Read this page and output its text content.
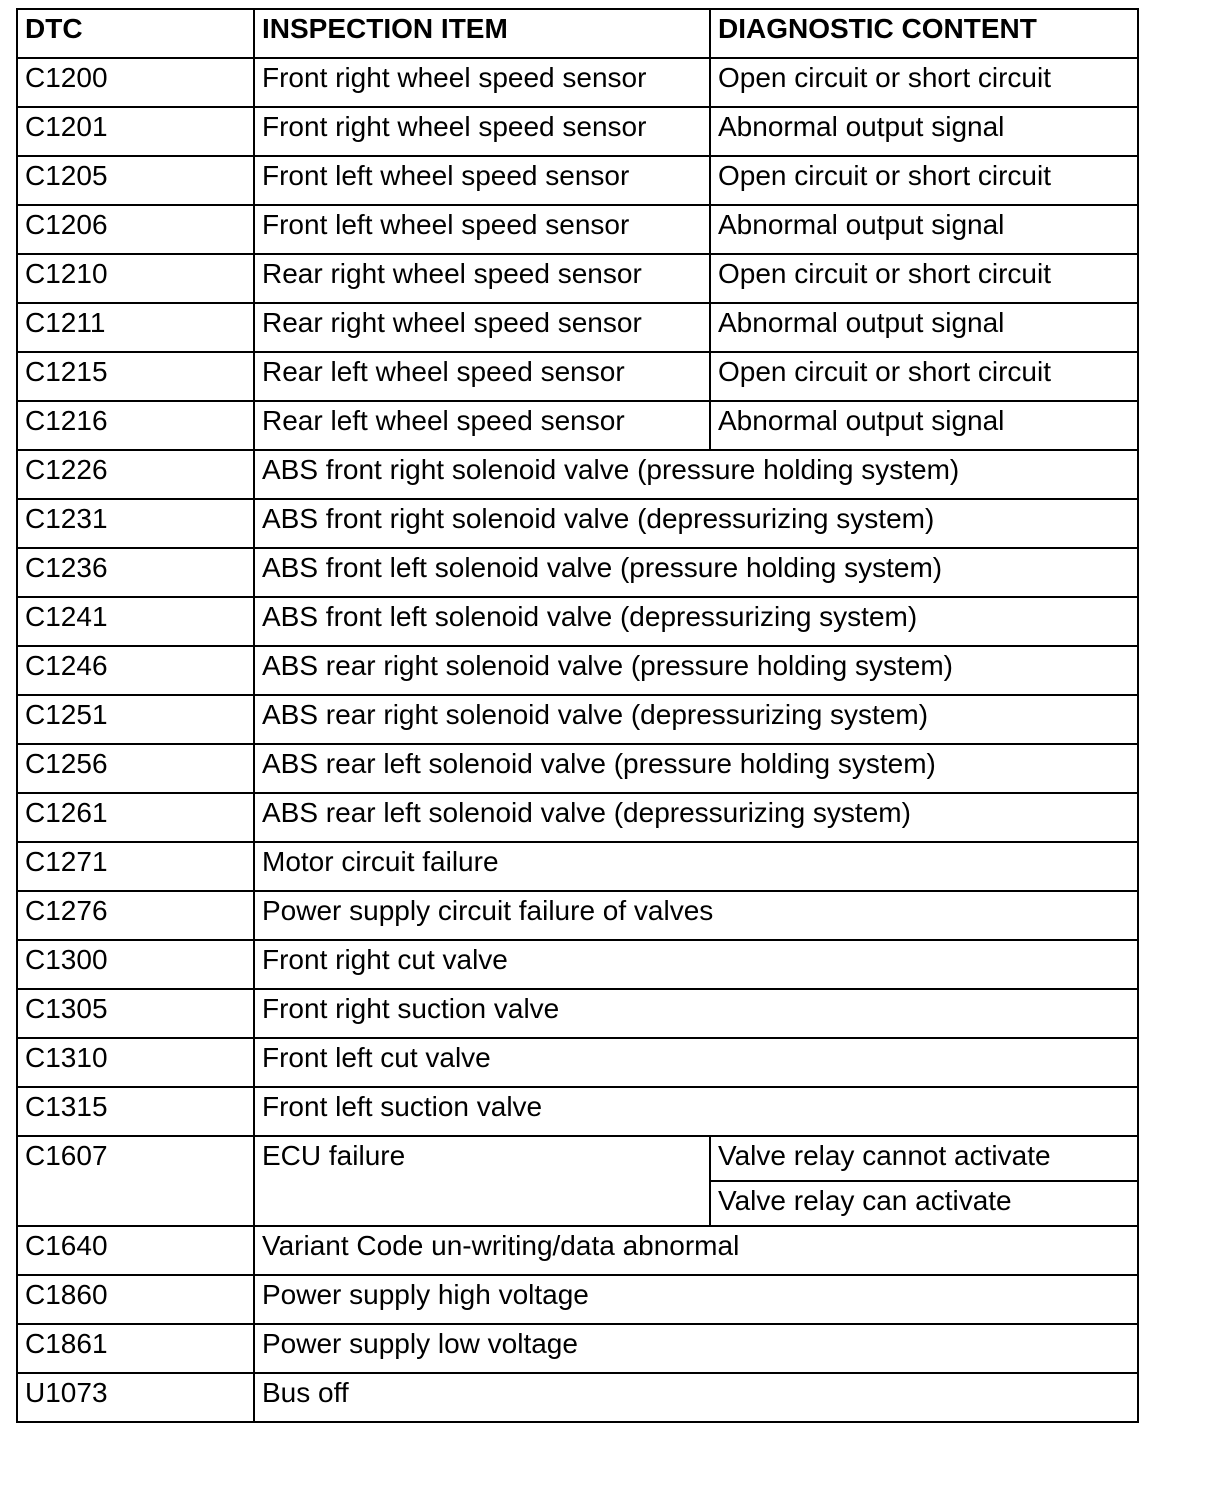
DTC	INSPECTION ITEM	DIAGNOSTIC CONTENT

C1200	Front right wheel speed sensor	Open circuit or short circuit

C1201	Front right wheel speed sensor	Abnormal output signal

C1205	Front left wheel speed sensor	Open circuit or short circuit

C1206	Front left wheel speed sensor	Abnormal output signal

C1210	Rear right wheel speed sensor	Open circuit or short circuit

C1211	Rear right wheel speed sensor	Abnormal output signal

C1215	Rear left wheel speed sensor	Open circuit or short circuit

C1216	Rear left wheel speed sensor	Abnormal output signal

C1226	ABS front right solenoid valve (pressure holding system)	

C1231	ABS front right solenoid valve (depressurizing system)	

C1236	ABS front left solenoid valve (pressure holding system)	

C1241	ABS front left solenoid valve (depressurizing system)	

C1246	ABS rear right solenoid valve (pressure holding system)	

C1251	ABS rear right solenoid valve (depressurizing system)	

C1256	ABS rear left solenoid valve (pressure holding system)	

C1261	ABS rear left solenoid valve (depressurizing system)	

C1271	Motor circuit failure	

C1276	Power supply circuit failure of valves	

C1300	Front right cut valve	

C1305	Front right suction valve	

C1310	Front left cut valve	

C1315	Front left suction valve	

C1607	ECU failure	Valve relay cannot activate

		Valve relay can activate

C1640	Variant Code un-writing/data abnormal	

C1860	Power supply high voltage	

C1861	Power supply low voltage	

U1073	Bus off	
